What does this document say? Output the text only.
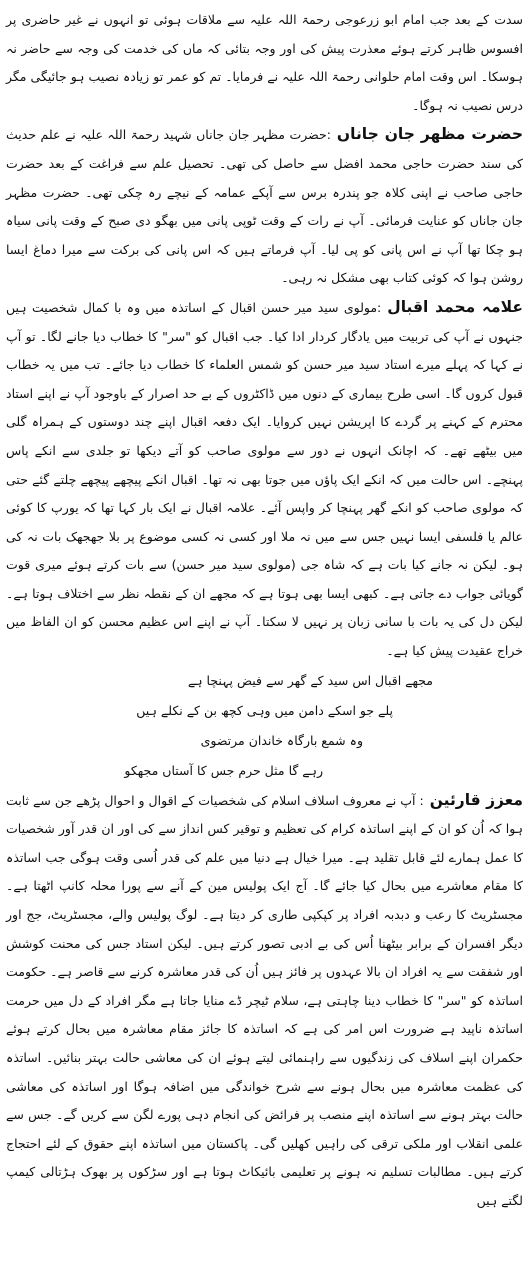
سدت کے بعد جب امام ابو زرعوجی رحمۃ اللہ علیہ سے ملاقات ہوئی تو انہوں نے غیر حاضری پر افسوس ظاہر کرتے ہوئے معذرت پیش کی اور وجہ بتائی کہ ماں کی خدمت کی وجہ سے حاضر نہ ہوسکا۔ اس وقت امام حلوانی رحمۃ اللہ علیہ نے فرمایا۔ تم کو عمر تو زیادہ نصیب ہو جائیگی مگر درس نصیب نہ ہوگا۔

حضرت مظھر جان جاناں:حضرت مظہر جان جاناں شہید رحمۃ اللہ علیہ نے علم حدیث کی سند حضرت حاجی محمد افضل سے حاصل کی تھی۔ تحصیل علم سے فراغت کے بعد حضرت حاجی صاحب نے اپنی کلاہ جو پندرہ برس سے آپکے عمامہ کے نیچے رہ چکی تھی۔ حضرت مظہر جان جاناں کو عنایت فرمائی۔ آپ نے رات کے وقت ٹوپی پانی میں بھگو دی صبح کے وقت پانی سیاہ ہو چکا تھا آپ نے اس پانی کو پی لیا۔ آپ فرماتے ہیں کہ اس پانی کی برکت سے میرا دماغ ایسا روشن ہوا کہ کوئی کتاب بھی مشکل نہ رہی۔

علامہ محمد اقبال:مولوی سید میر حسن اقبال کے اساتذہ میں وہ با کمال شخصیت ہیں جنہوں نے آپ کی تربیت میں یادگار کردار ادا کیا۔ جب اقبال کو "سر" کا خطاب دیا جانے لگا۔ تو آپ نے کہا کہ پہلے میرے استاد سید میر حسن کو شمس العلماء کا خطاب دیا جائے۔ تب میں یہ خطاب قبول کروں گا۔ اسی طرح بیماری کے دنوں میں ڈاکٹروں کے بے حد اصرار کے باوجود آپ نے اپنے استاد محترم کے کہنے پر گردے کا اپریشن نہیں کروایا۔ ایک دفعہ اقبال اپنے چند دوستوں کے ہمراہ گلی میں بیٹھے تھے۔ کہ اچانک انہوں نے دور سے مولوی صاحب کو آتے دیکھا تو جلدی سے انکے پاس پہنچے۔ اس حالت میں کہ انکے ایک پاؤں میں جوتا بھی نہ تھا۔ اقبال انکے پیچھے پیچھے چلتے گئے حتی کہ مولوی صاحب کو انکے گھر پہنچا کر واپس آئے۔ علامہ اقبال نے ایک بار کہا تھا کہ یورپ کا کوئی عالم یا فلسفی ایسا نہیں جس سے میں نہ ملا اور کسی نہ کسی موضوع پر بلا جھجھک بات نہ کی ہو۔ لیکن نہ جانے کیا بات ہے کہ شاہ جی (مولوی سید میر حسن) سے بات کرتے ہوئے میری قوت گویائی جواب دے جاتی ہے۔ کبھی ایسا بھی ہوتا ہے کہ مجھے ان کے نقطہ نظر سے اختلاف ہوتا ہے۔ لیکن دل کی یہ بات با سانی زبان پر نہیں لا سکتا۔ آپ نے اپنے اس عظیم محسن کو ان الفاظ میں خراج عقیدت پیش کیا ہے۔

مجھے اقبال اس سید کے گھر سے فیض پہنچا ہے
پلے جو اسکے دامن میں وہی کچھ بن کے نکلے ہیں
وہ شمع بارگاہ خاندان مرتضوی
رہے گا مثل حرم جس کا آستاں مجھکو

معزز قارئین: آپ نے معروف اسلاف اسلام کی شخصیات کے اقوال و احوال پڑھے جن سے ثابت ہوا کہ اُن کو ان کے اپنے اساتذہ کرام کی تعظیم و توقیر کس انداز سے کی اور ان قدر آور شخصیات کا عمل ہمارے لئے قابل تقلید ہے۔ میرا خیال ہے دنیا میں علم کی قدر اُسی وقت ہوگی جب اساتذہ کا مقام معاشرے میں بحال کیا جائے گا۔ آج ایک پولیس مین کے آنے سے پورا محلہ کانپ اٹھتا ہے۔ مجسٹریٹ کا رعب و دبدبہ افراد پر کپکپی طاری کر دیتا ہے۔ لوگ پولیس والے، مجسٹریٹ، جج اور دیگر افسران کے برابر بیٹھنا اُس کی بے ادبی تصور کرتے ہیں۔ لیکن استاد جس کی محنت کوشش اور شفقت سے یہ افراد ان بالا عہدوں پر فائز ہیں اُن کی قدر معاشرہ کرنے سے قاصر ہے۔ حکومت اساتذہ کو "سر" کا خطاب دینا چاہتی ہے، سلام ٹیچر ڈے منایا جاتا ہے مگر افراد کے دل میں حرمت اساتذہ ناپید ہے ضرورت اس امر کی ہے کہ اساتذہ کا جائز مقام معاشرہ میں بحال کرتے ہوئے حکمران اپنے اسلاف کی زندگیوں سے راہنمائی لیتے ہوئے ان کی معاشی حالت بہتر بنائیں۔ اساتذہ کی عظمت معاشرہ میں بحال ہونے سے شرح خواندگی میں اضافہ ہوگا اور اساتذہ کی معاشی حالت بہتر ہونے سے اساتذہ اپنے منصب پر فرائض کی انجام دہی پورے لگن سے کریں گے۔ جس سے علمی انقلاب اور ملکی ترقی کی راہیں کھلیں گی۔ پاکستان میں اساتذہ اپنے حقوق کے لئے احتجاج کرتے ہیں۔ مطالبات تسلیم نہ ہونے پر تعلیمی بائیکاٹ ہوتا ہے اور سڑکوں پر بھوک ہڑتالی کیمپ لگتے ہیں
